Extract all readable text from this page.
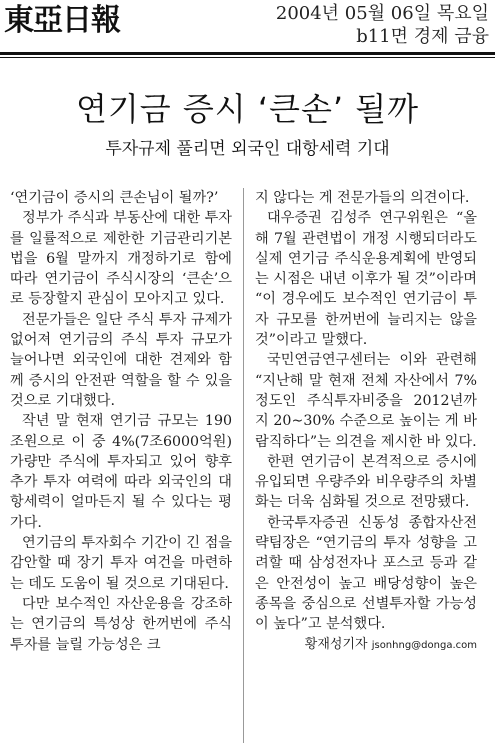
東亞日報	2004년 05월 06일 목요일
b11면 경제 금융
연기금 증시 ‘큰손’ 될까
투자규제 풀리면 외국인 대항세력 기대

‘연기금이 증시의 큰손님이 될까?’

정부가 주식과 부동산에 대한 투자를 일률적으로 제한한 기금관리기본법을 6월 말까지 개정하기로 함에 따라 연기금이 주식시장의 ‘큰손’으로 등장할지 관심이 모아지고 있다.

전문가들은 일단 주식 투자 규제가 없어져 연기금의 주식 투자 규모가 늘어나면 외국인에 대한 견제와 함께 증시의 안전판 역할을 할 수 있을 것으로 기대했다.

작년 말 현재 연기금 규모는 190조원으로 이 중 4%(7조6000억원) 가량만 주식에 투자되고 있어 향후 추가 투자 여력에 따라 외국인의 대항세력이 얼마든지 될 수 있다는 평가다.

연기금의 투자회수 기간이 긴 점을 감안할 때 장기 투자 여건을 마련하는 데도 도움이 될 것으로 기대된다.

다만 보수적인 자산운용을 강조하는 연기금의 특성상 한꺼번에 주식 투자를 늘릴 가능성은 크

지 않다는 게 전문가들의 의견이다.

대우증권 김성주 연구위원은 “올해 7월 관련법이 개정 시행되더라도 실제 연기금 주식운용계획에 반영되는 시점은 내년 이후가 될 것”이라며 “이 경우에도 보수적인 연기금이 투자 규모를 한꺼번에 늘리지는 않을 것”이라고 말했다.

국민연금연구센터는 이와 관련해 “지난해 말 현재 전체 자산에서 7% 정도인 주식투자비중을 2012년까지 20∼30% 수준으로 높이는 게 바람직하다”는 의견을 제시한 바 있다.

한편 연기금이 본격적으로 증시에 유입되면 우량주와 비우량주의 차별화는 더욱 심화될 것으로 전망됐다.

한국투자증권 신동성 종합자산전략팀장은 “연기금의 투자 성향을 고려할 때 삼성전자나 포스코 등과 같은 안전성이 높고 배당성향이 높은 종목을 중심으로 선별투자할 가능성이 높다”고 분석했다.

황재성기자 jsonhng@donga.com
